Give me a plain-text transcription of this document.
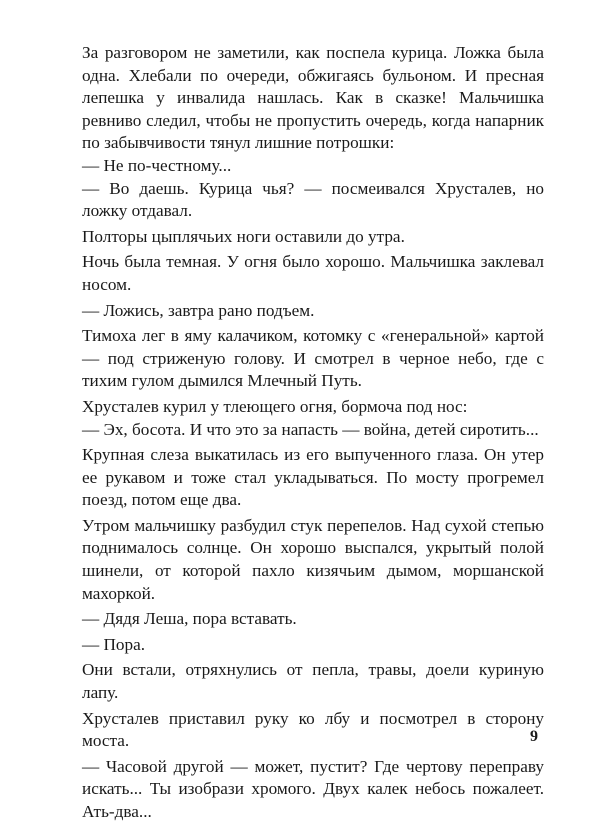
За разговором не заметили, как поспела курица. Ложка была одна. Хлебали по очереди, обжигаясь бульоном. И пресная лепешка у инвалида нашлась. Как в сказке! Мальчишка ревниво следил, чтобы не пропустить очередь, когда напарник по забывчивости тянул лишние потрошки:

— Не по-честному...

— Во даешь. Курица чья? — посмеивался Хрусталев, но ложку отдавал.

Полторы цыплячьих ноги оставили до утра.

Ночь была темная. У огня было хорошо. Мальчишка заклевал носом.

— Ложись, завтра рано подъем.

Тимоха лег в яму калачиком, котомку с «генеральной» картой — под стриженую голову. И смотрел в черное небо, где с тихим гулом дымился Млечный Путь.

Хрусталев курил у тлеющего огня, бормоча под нос:

— Эх, босота. И что это за напасть — война, детей сиротить...

Крупная слеза выкатилась из его выпученного глаза. Он утер ее рукавом и тоже стал укладываться. По мосту прогремел поезд, потом еще два.

Утром мальчишку разбудил стук перепелов. Над сухой степью поднималось солнце. Он хорошо выспался, укрытый полой шинели, от которой пахло кизячьим дымом, моршанской махоркой.

— Дядя Леша, пора вставать.

— Пора.

Они встали, отряхнулись от пепла, травы, доели куриную лапу.

Хрусталев приставил руку ко лбу и посмотрел в сторону моста.

— Часовой другой — может, пустит? Где чертову переправу искать... Ты изобрази хромого. Двух калек небось пожалеет. Ать-два...

9
